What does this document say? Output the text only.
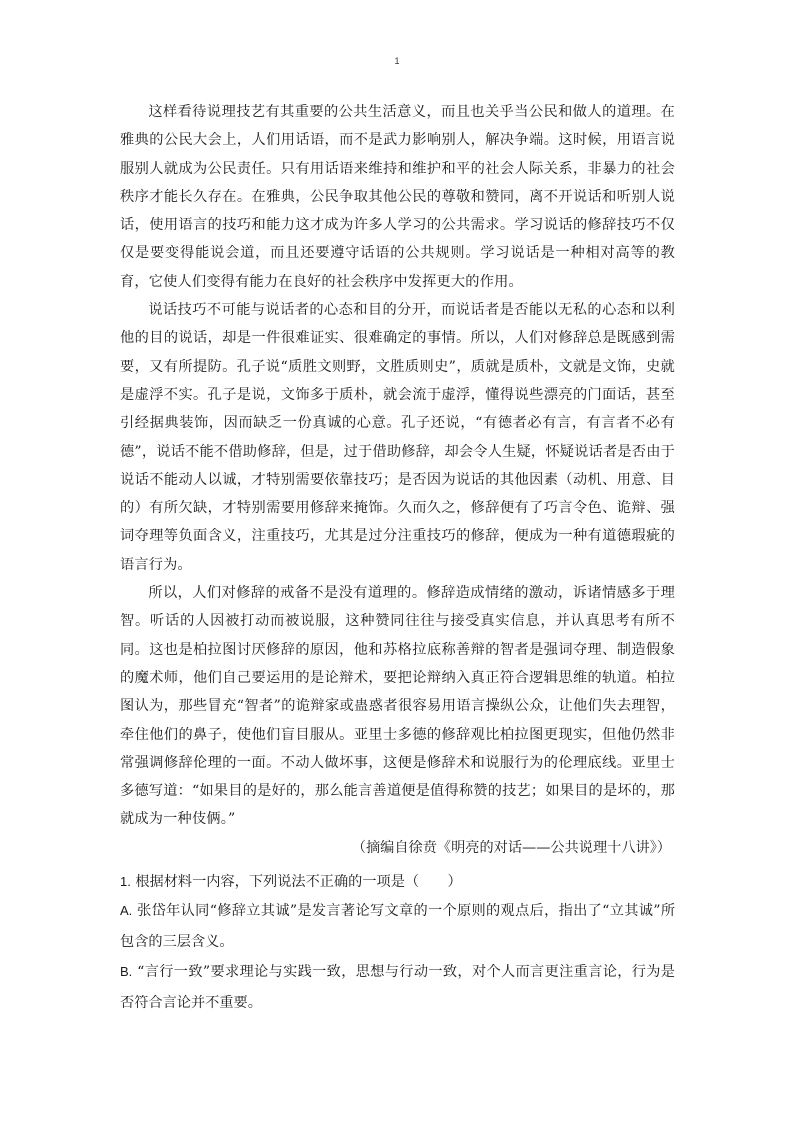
1

这样看待说理技艺有其重要的公共生活意义，而且也关乎当公民和做人的道理。在雅典的公民大会上，人们用话语，而不是武力影响别人，解决争端。这时候，用语言说服别人就成为公民责任。只有用话语来维持和维护和平的社会人际关系，非暴力的社会秩序才能长久存在。在雅典，公民争取其他公民的尊敬和赞同，离不开说话和听别人说话，使用语言的技巧和能力这才成为许多人学习的公共需求。学习说话的修辞技巧不仅仅是要变得能说会道，而且还要遵守话语的公共规则。学习说话是一种相对高等的教育，它使人们变得有能力在良好的社会秩序中发挥更大的作用。

说话技巧不可能与说话者的心态和目的分开，而说话者是否能以无私的心态和以利他的目的说话，却是一件很难证实、很难确定的事情。所以，人们对修辞总是既感到需要，又有所提防。孔子说“质胜文则野，文胜质则史”，质就是质朴，文就是文饰，史就是虚浮不实。孔子是说，文饰多于质朴，就会流于虚浮，懂得说些漂亮的门面话，甚至引经据典装饰，因而缺乏一份真诚的心意。孔子还说，“有德者必有言，有言者不必有德”，说话不能不借助修辞，但是，过于借助修辞，却会令人生疑，怀疑说话者是否由于说话不能动人以诚，才特别需要依靠技巧；是否因为说话的其他因素（动机、用意、目的）有所欠缺，才特别需要用修辞来掩饰。久而久之，修辞便有了巧言令色、诡辩、强词夺理等负面含义，注重技巧，尤其是过分注重技巧的修辞，便成为一种有道德瑕疵的语言行为。

所以，人们对修辞的戒备不是没有道理的。修辞造成情绪的激动，诉诸情感多于理智。听话的人因被打动而被说服，这种赞同往往与接受真实信息，并认真思考有所不同。这也是柏拉图讨厌修辞的原因，他和苏格拉底称善辩的智者是强词夺理、制造假象的魔术师，他们自己要运用的是论辩术，要把论辩纳入真正符合逻辑思维的轨道。柏拉图认为，那些冒充“智者”的诡辩家或蛊惑者很容易用语言操纵公众，让他们失去理智，牵住他们的鼻子，使他们盲目服从。亚里士多德的修辞观比柏拉图更现实，但他仍然非常强调修辞伦理的一面。不动人做坏事，这便是修辞术和说服行为的伦理底线。亚里士多德写道：“如果目的是好的，那么能言善道便是值得称赞的技艺；如果目的是坏的，那就成为一种伎俩。”

（摘编自徐贲《明亮的对话——公共说理十八讲》）

1. 根据材料一内容，下列说法不正确的一项是（　　）

A. 张岱年认同“修辞立其诚”是发言著论写文章的一个原则的观点后，指出了“立其诚”所包含的三层含义。

B. “言行一致”要求理论与实践一致，思想与行动一致，对个人而言更注重言论，行为是否符合言论并不重要。
